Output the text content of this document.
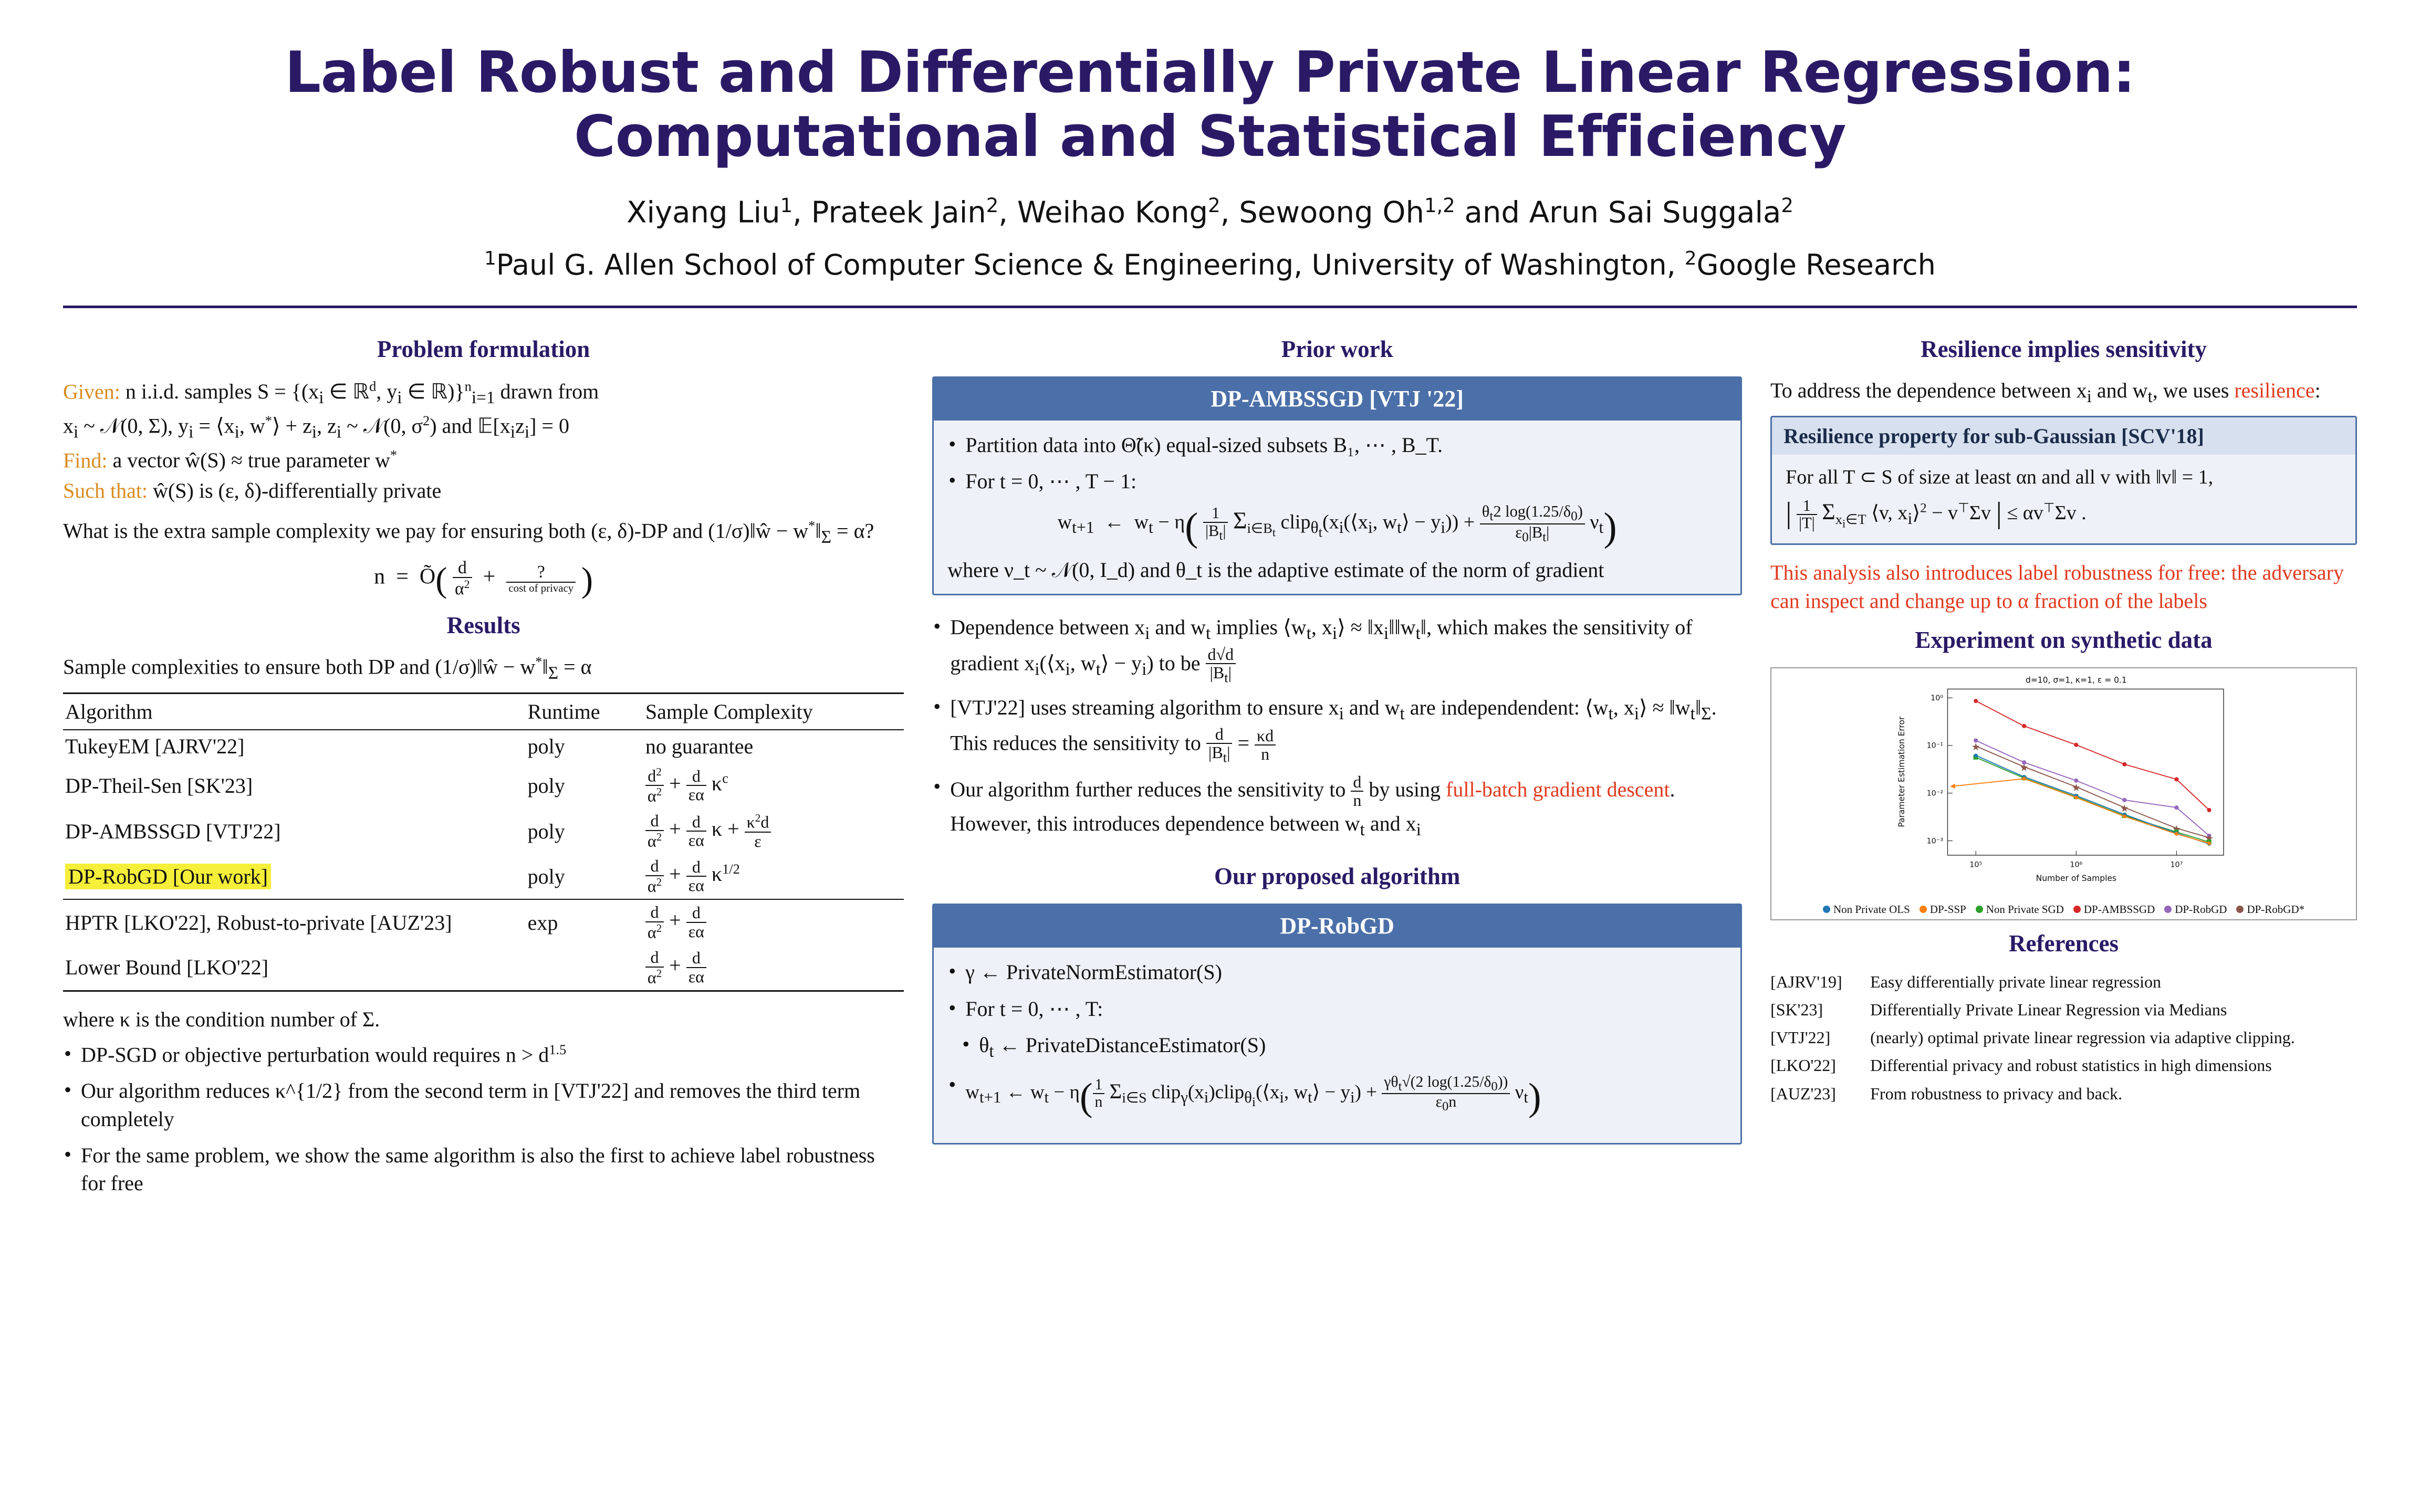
Label Robust and Differentially Private Linear Regression:
Computational and Statistical Efficiency
Xiyang Liu$^1$, Prateek Jain$^2$, Weihao Kong$^2$, Sewoong Oh$^{1,2}$ and Arun Sai Suggala$^2$
$^1$Paul G. Allen School of Computer Science & Engineering, University of Washington, $^2$Google Research
Problem formulation
Given: n i.i.d. samples $S = \{(x_i$ ∈ ℝ$^d$, $y_i$ ∈ ℝ)}$^n_{i=1}$ drawn from
$x_i$ ~ 𝒩(0, Σ), $y_i$ = $⟨x_i$, w*⟩ + $z_i$, $z_i$ ~ 𝒩(0, $\sigma^2$) and $𝔼[x_iz_i] = 0$
Find: a vector ŵ(S) ≈ true parameter w*
Such that: ŵ(S) is (ε, δ)-differentially private

What is the extra sample complexity we pay for ensuring both (ε, δ)-DP and (1/σ)‖ŵ − $w^*‖_\Sigma = \alpha$?

n  =  Õ( $\frac{d}{\alpha^2} + \frac{?}{\text{cost of privacy}}$ )
Results

Sample complexities to ensure both DP and (1/σ)‖ŵ − $w^*‖_\Sigma = \alpha$

Algorithm	Runtime	Sample Complexity
TukeyEM [AJRV'22]	poly	no guarantee
DP-Theil-Sen [SK'23]	poly	$\frac{d^2}{\alpha^2} + \frac{d}{\varepsilon\alpha} \kappa^c$
DP-AMBSSGD [VTJ'22]	poly	$\frac{d}{\alpha^2} + \frac{d}{\varepsilon\alpha}$ $\kappa + \frac{\kappa^2d}{\varepsilon}$

DP-RobGD [Our work]	poly	$\frac{d}{\alpha^2} + \frac{d}{\varepsilon\alpha} \kappa^{1/2}$
HPTR [LKO'22], Robust-to-private [AUZ'23]	exp	$\frac{d}{\alpha^2} + \frac{d}{\varepsilon\alpha}$

Lower Bound [LKO'22]		$\frac{d}{\alpha^2} + \frac{d}{\varepsilon\alpha}$

where κ is the condition number of Σ.

• DP-SGD or objective perturbation would requires $n > d^{1.5}$
• Our algorithm reduces κ^{1/2} from the second term in [VTJ'22] and removes the third term completely
• For the same problem, we show the same algorithm is also the first to achieve label robustness for free
Prior work
DP-AMBSSGD [VTJ '22]
• Partition data into Θ̃(κ) equal-sized subsets B₁, ⋯ , B_T.
• For t = 0, ⋯ , T − 1:
$w_{t+1}$  ←  $w_t - \eta( \frac{1}{|B_t|} \Sigma_{i\in B_t}$ $clip_{\theta_t}(x_i(⟨x_i$, $w_t⟩ - y_i)) + \frac{\theta_t2 \log(1.25/\delta_0)}{\varepsilon_0|B_t|} \nu_t$)
where ν_t ~ 𝒩(0, I_d) and θ_t is the adaptive estimate of the norm of gradient
• Dependence between $x_i$ and $w_t$ implies $⟨w_t$, $x_i⟩$ ≈ $‖x_i‖‖w_t‖$, which makes the sensitivity of gradient $x_i(⟨x_i$, $w_t⟩ - y_i$) to be $\frac{d√d}{|B_t|}$
• [VTJ'22] uses streaming algorithm to ensure $x_i$ and $w_t$ are independendent: $⟨w_t$, $x_i⟩$ ≈ $‖w_t‖_\Sigma$. This reduces the sensitivity to $\frac{d}{|B_t|} = \frac{\kappa d}{n}$
• Our algorithm further reduces the sensitivity to $\frac{d}{n}$ by using full-batch gradient descent. However, this introduces dependence between $w_t$ and $x_i$
Our proposed algorithm
DP-RobGD
• γ ← PrivateNormEstimator(S)
• For t = 0, ⋯ , T:
• $\theta_t$ ← PrivateDistanceEstimator(S)
• $w_{t+1}$ ← $w_t - \eta( \frac{1}{n} \Sigma_{i\in S}$ $clip_\gamma(x_i)clip_{\theta_i}(⟨x_i$, $w_t⟩ - y_i) + \frac{\gamma\theta_t√(2 \log(1.25/\delta_0))}{\varepsilon_0n} \nu_t$)
Resilience implies sensitivity

To address the dependence between $x_i$ and $w_t$, we uses resilience:

Resilience property for sub-Gaussian [SCV'18]
For all T ⊂ S of size at least αn and all v with ‖v‖ = 1,
| $\frac{1}{|T|} \Sigma_{x_i\in T}$ ⟨v, $x_i⟩^2 - v^⊤\Sigma v$ | ≤ αv⊤Σv .

This analysis also introduces label robustness for free: the adversary can inspect and change up to α fraction of the labels

Experiment on synthetic data
d=10, σ=1, κ=1, ε = 0.1
10⁰
10⁻¹
10⁻²
10⁻³
10⁵	10⁶	10⁷
Number of Samples
Parameter Estimation Error
Non Private OLS DP-SSP Non Private SGD DP-AMBSSGD DP-RobGD DP-RobGD*
References
[AJRV'19]	Easy differentially private linear regression
[SK'23]	Differentially Private Linear Regression via Medians
[VTJ'22]	(nearly) optimal private linear regression via adaptive clipping.
[LKO'22]	Differential privacy and robust statistics in high dimensions
[AUZ'23]	From robustness to privacy and back.
